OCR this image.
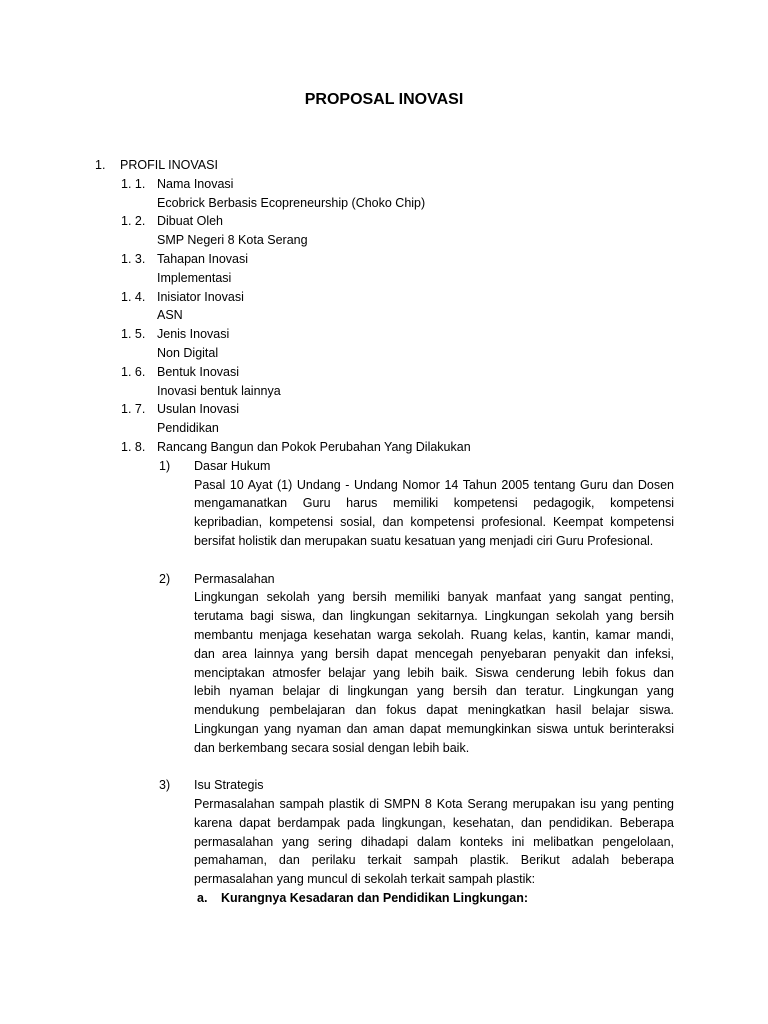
PROPOSAL INOVASI
1. PROFIL INOVASI
1. 1. Nama Inovasi
Ecobrick Berbasis Ecopreneurship (Choko Chip)
1. 2. Dibuat Oleh
SMP Negeri 8 Kota Serang
1. 3. Tahapan Inovasi
Implementasi
1. 4. Inisiator Inovasi
ASN
1. 5. Jenis Inovasi
Non Digital
1. 6. Bentuk Inovasi
Inovasi bentuk lainnya
1. 7. Usulan Inovasi
Pendidikan
1. 8. Rancang Bangun dan Pokok Perubahan Yang Dilakukan
1) Dasar Hukum
Pasal 10 Ayat (1) Undang - Undang Nomor 14 Tahun 2005 tentang Guru dan Dosen
mengamanatkan Guru harus memiliki kompetensi pedagogik, kompetensi
kepribadian, kompetensi sosial, dan kompetensi profesional. Keempat kompetensi
bersifat holistik dan merupakan suatu kesatuan yang menjadi ciri Guru Profesional.
2) Permasalahan
Lingkungan sekolah yang bersih memiliki banyak manfaat yang sangat penting,
terutama bagi siswa, dan lingkungan sekitarnya. Lingkungan sekolah yang bersih
membantu menjaga kesehatan warga sekolah. Ruang kelas, kantin, kamar mandi,
dan area lainnya yang bersih dapat mencegah penyebaran penyakit dan infeksi,
menciptakan atmosfer belajar yang lebih baik. Siswa cenderung lebih fokus dan
lebih nyaman belajar di lingkungan yang bersih dan teratur. Lingkungan yang
mendukung pembelajaran dan fokus dapat meningkatkan hasil belajar siswa.
Lingkungan yang nyaman dan aman dapat memungkinkan siswa untuk berinteraksi
dan berkembang secara sosial dengan lebih baik.
3) Isu Strategis
Permasalahan sampah plastik di SMPN 8 Kota Serang merupakan isu yang penting
karena dapat berdampak pada lingkungan, kesehatan, dan pendidikan. Beberapa
permasalahan yang sering dihadapi dalam konteks ini melibatkan pengelolaan,
pemahaman, dan perilaku terkait sampah plastik. Berikut adalah beberapa
permasalahan yang muncul di sekolah terkait sampah plastik:
a. Kurangnya Kesadaran dan Pendidikan Lingkungan:
